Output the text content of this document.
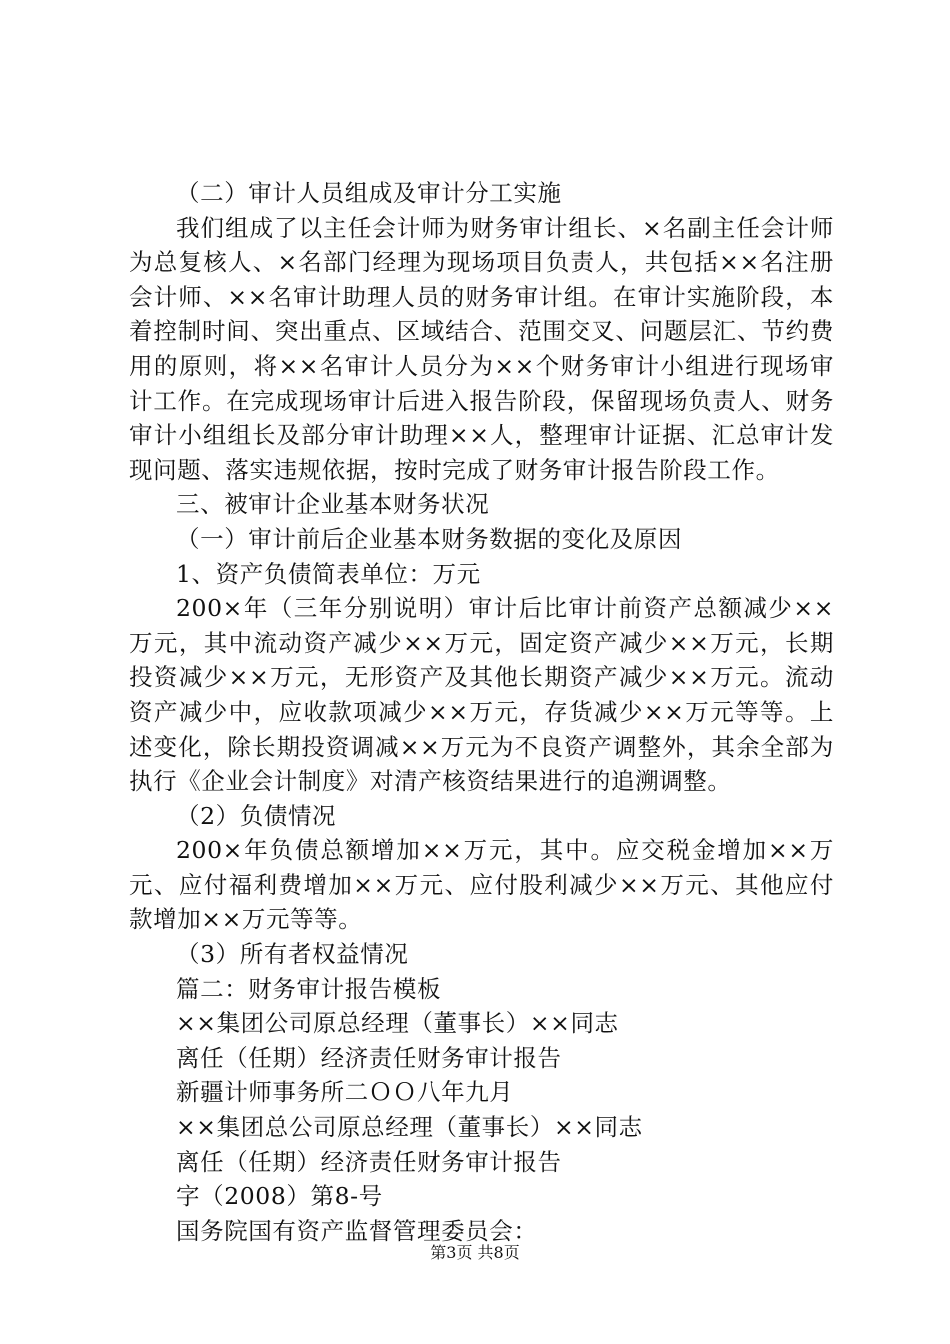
（二）审计人员组成及审计分工实施

我们组成了以主任会计师为财务审计组长、×名副主任会计师为总复核人、×名部门经理为现场项目负责人，共包括××名注册会计师、××名审计助理人员的财务审计组。在审计实施阶段，本着控制时间、突出重点、区域结合、范围交叉、问题层汇、节约费用的原则，将××名审计人员分为××个财务审计小组进行现场审计工作。在完成现场审计后进入报告阶段，保留现场负责人、财务审计小组组长及部分审计助理××人，整理审计证据、汇总审计发现问题、落实违规依据，按时完成了财务审计报告阶段工作。

三、被审计企业基本财务状况

（一）审计前后企业基本财务数据的变化及原因

1、资产负债简表单位：万元

200×年（三年分别说明）审计后比审计前资产总额减少××万元，其中流动资产减少××万元，固定资产减少××万元，长期投资减少××万元，无形资产及其他长期资产减少××万元。流动资产减少中，应收款项减少××万元，存货减少××万元等等。上述变化，除长期投资调减××万元为不良资产调整外，其余全部为执行《企业会计制度》对清产核资结果进行的追溯调整。

（2）负债情况

200×年负债总额增加××万元，其中。应交税金增加××万元、应付福利费增加××万元、应付股利减少××万元、其他应付款增加××万元等等。

（3）所有者权益情况

篇二：财务审计报告模板

××集团公司原总经理（董事长）××同志

离任（任期）经济责任财务审计报告

新疆计师事务所二ＯＯ八年九月

××集团总公司原总经理（董事长）××同志

离任（任期）经济责任财务审计报告

字（2008）第8-号

国务院国有资产监督管理委员会：

第3页 共8页
